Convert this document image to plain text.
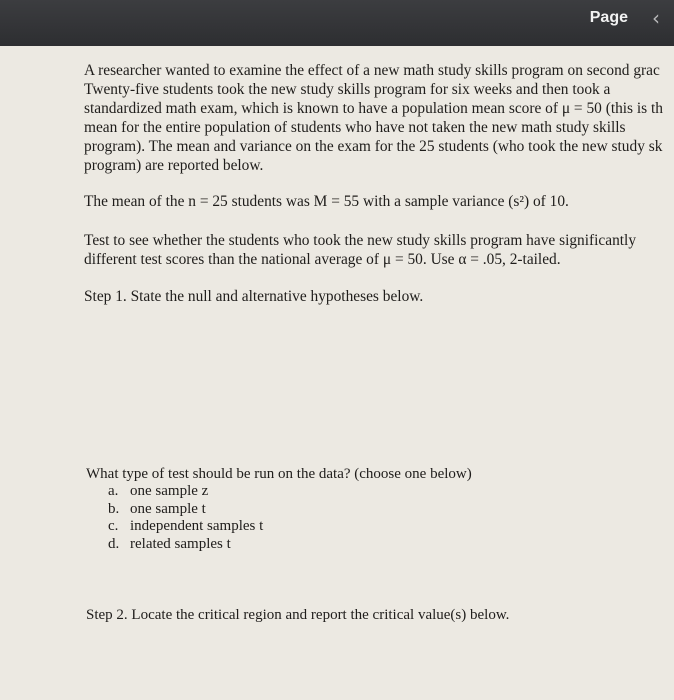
Page ‹

A researcher wanted to examine the effect of a new math study skills program on second grac

Twenty-five students took the new study skills program for six weeks and then took a

standardized math exam, which is known to have a population mean score of μ = 50 (this is th

mean for the entire population of students who have not taken the new math study skills

program). The mean and variance on the exam for the 25 students (who took the new study sk

program) are reported below.

The mean of the n = 25 students was M = 55 with a sample variance (s²) of 10.

Test to see whether the students who took the new study skills program have significantly

different test scores than the national average of μ = 50. Use α = .05, 2-tailed.

Step 1. State the null and alternative hypotheses below.

What type of test should be run on the data? (choose one below)

a. one sample z
b. one sample t
c. independent samples t
d. related samples t

Step 2. Locate the critical region and report the critical value(s) below.
